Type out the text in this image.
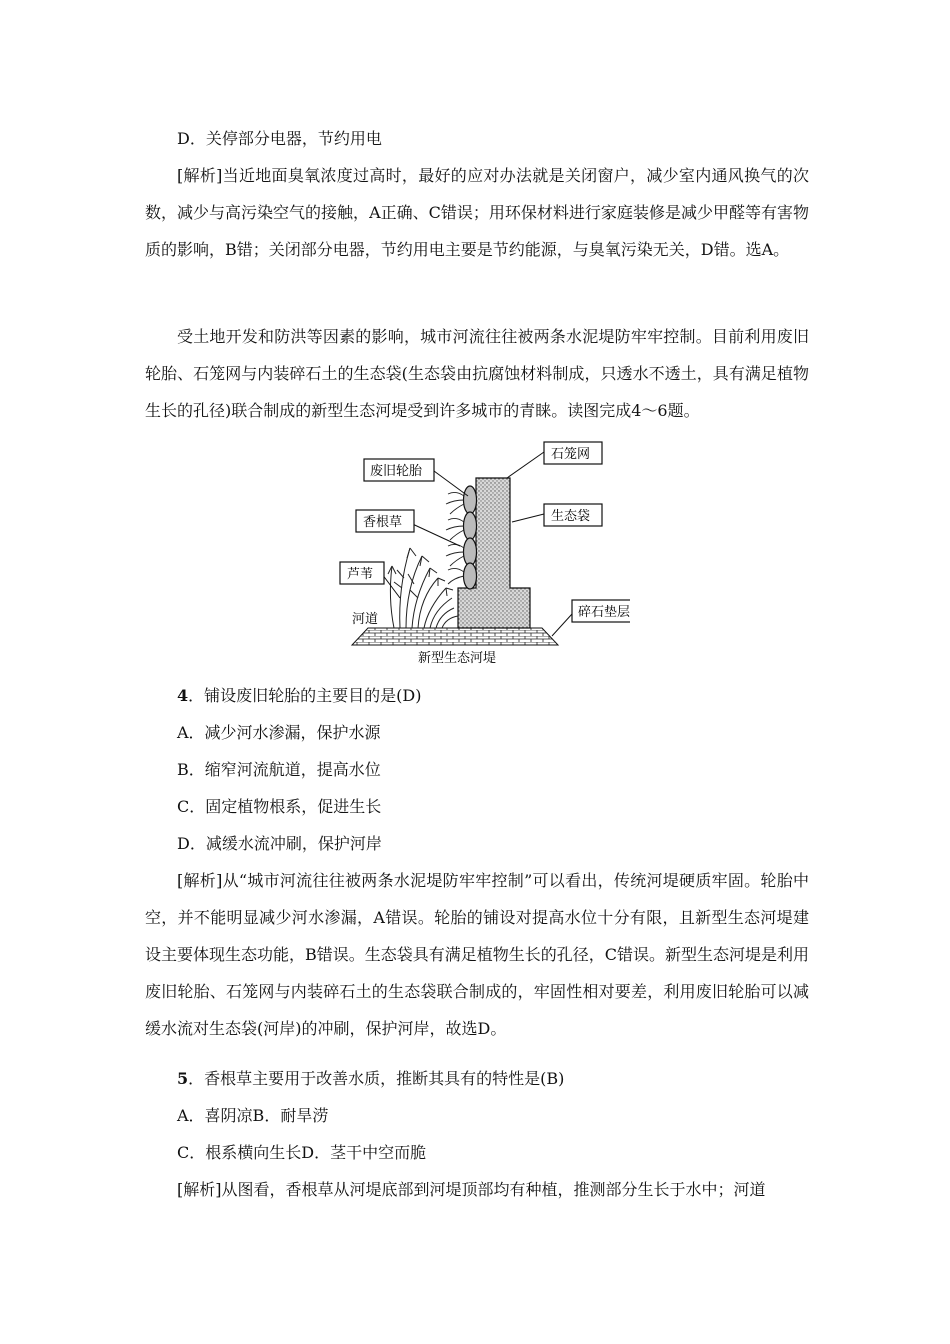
D．关停部分电器，节约用电

[解析]当近地面臭氧浓度过高时，最好的应对办法就是关闭窗户，减少室内通风换气的次数，减少与高污染空气的接触，A正确、C错误；用环保材料进行家庭装修是减少甲醛等有害物质的影响，B错；关闭部分电器，节约用电主要是节约能源，与臭氧污染无关，D错。选A。

受土地开发和防洪等因素的影响，城市河流往往被两条水泥堤防牢牢控制。目前利用废旧轮胎、石笼网与内装碎石土的生态袋(生态袋由抗腐蚀材料制成，只透水不透土，具有满足植物生长的孔径)联合制成的新型生态河堤受到许多城市的青睐。读图完成4～6题。

废旧轮胎
石笼网
香根草	生态袋
芦苇
河道	碎石垫层
新型生态河堤

4．铺设废旧轮胎的主要目的是(D)

A．减少河水渗漏，保护水源

B．缩窄河流航道，提高水位

C．固定植物根系，促进生长

D．减缓水流冲刷，保护河岸

[解析]从“城市河流往往被两条水泥堤防牢牢控制”可以看出，传统河堤硬质牢固。轮胎中空，并不能明显减少河水渗漏，A错误。轮胎的铺设对提高水位十分有限，且新型生态河堤建设主要体现生态功能，B错误。生态袋具有满足植物生长的孔径，C错误。新型生态河堤是利用废旧轮胎、石笼网与内装碎石土的生态袋联合制成的，牢固性相对要差，利用废旧轮胎可以减缓水流对生态袋(河岸)的冲刷，保护河岸，故选D。

5．香根草主要用于改善水质，推断其具有的特性是(B)

A．喜阴凉B．耐旱涝

C．根系横向生长D．茎干中空而脆

[解析]从图看，香根草从河堤底部到河堤顶部均有种植，推测部分生长于水中；河道
